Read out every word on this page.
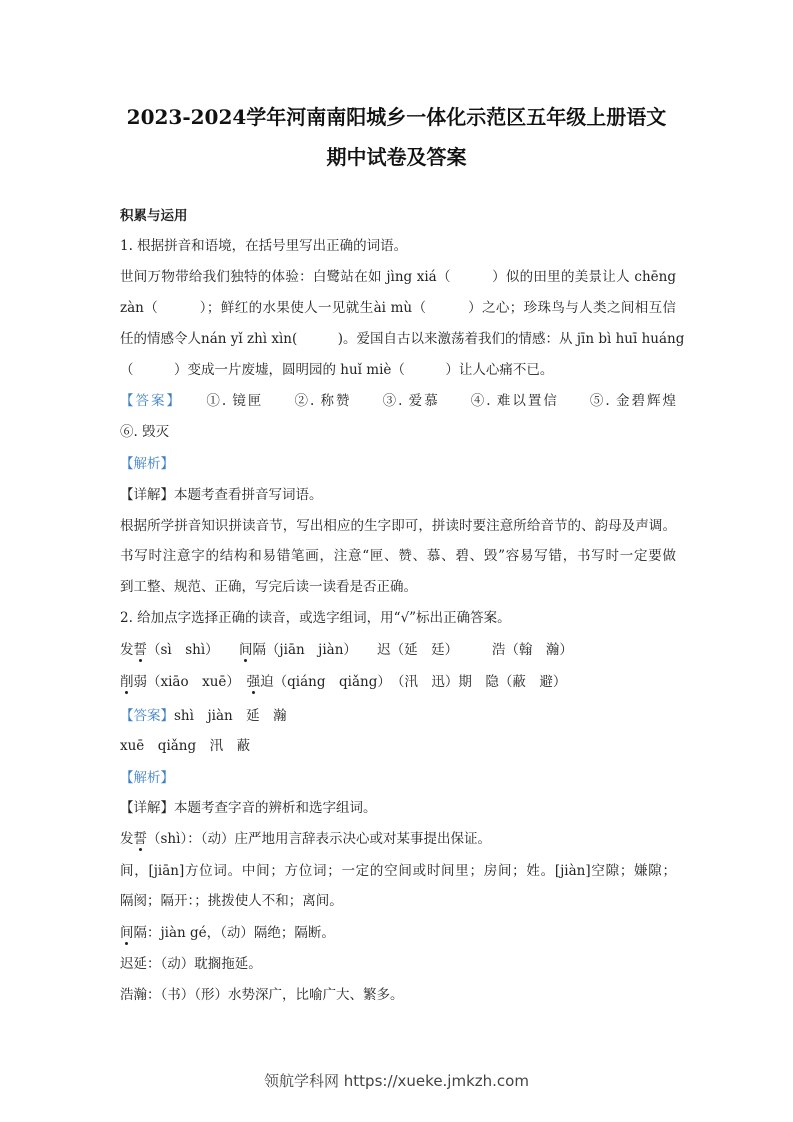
2023-2024学年河南南阳城乡一体化示范区五年级上册语文
期中试卷及答案
积累与运用
1. 根据拼音和语境，在括号里写出正确的词语。
世间万物带给我们独特的体验：白鹭站在如 jìng xiá（　　　）似的田里的美景让人 chēng
zàn（　　　）；鲜红的水果使人一见就生ài mù（　　　）之心；珍珠鸟与人类之间相互信
任的情感令人nán yǐ zhì xìn(　　　)。爱国自古以来激荡着我们的情感：从 jīn bì huī huáng
（　　　）变成一片废墟，圆明园的 huǐ miè（　　　）让人心痛不已。
【答案】　　①. 镜匣　　②. 称赞　　③. 爱慕　　④. 难以置信　　⑤. 金碧辉煌
⑥. 毁灭
【解析】
【详解】本题考查看拼音写词语。
根据所学拼音知识拼读音节，写出相应的生字即可，拼读时要注意所给音节的、韵母及声调。
书写时注意字的结构和易错笔画，注意“匣、赞、慕、碧、毁”容易写错，书写时一定要做
到工整、规范、正确，写完后读一读看是否正确。
2. 给加点字选择正确的读音，或选字组词，用“√”标出正确答案。
发誓（sì　shì）　　间隔（jiān　jiàn）　　迟（延　廷）　　　浩（翰　瀚）
削弱（xiāo　xuē）　强迫（qiáng　qiǎng）　（汛　迅）期　隐（蔽　避）
【答案】shì　jiàn　延　瀚
xuē　qiǎng　汛　蔽
【解析】
【详解】本题考查字音的辨析和选字组词。
发誓（shì）：（动）庄严地用言辞表示决心或对某事提出保证。
间，[jiān]方位词。中间；方位词；一定的空间或时间里；房间；姓。[jiàn]空隙；嫌隙；
隔阂；隔开：；挑拨使人不和；离间。
间隔：jiàn gé，（动）隔绝；隔断。
迟延：（动）耽搁拖延。
浩瀚：（书）（形）水势深广，比喻广大、繁多。
领航学科网 https://xueke.jmkzh.com
